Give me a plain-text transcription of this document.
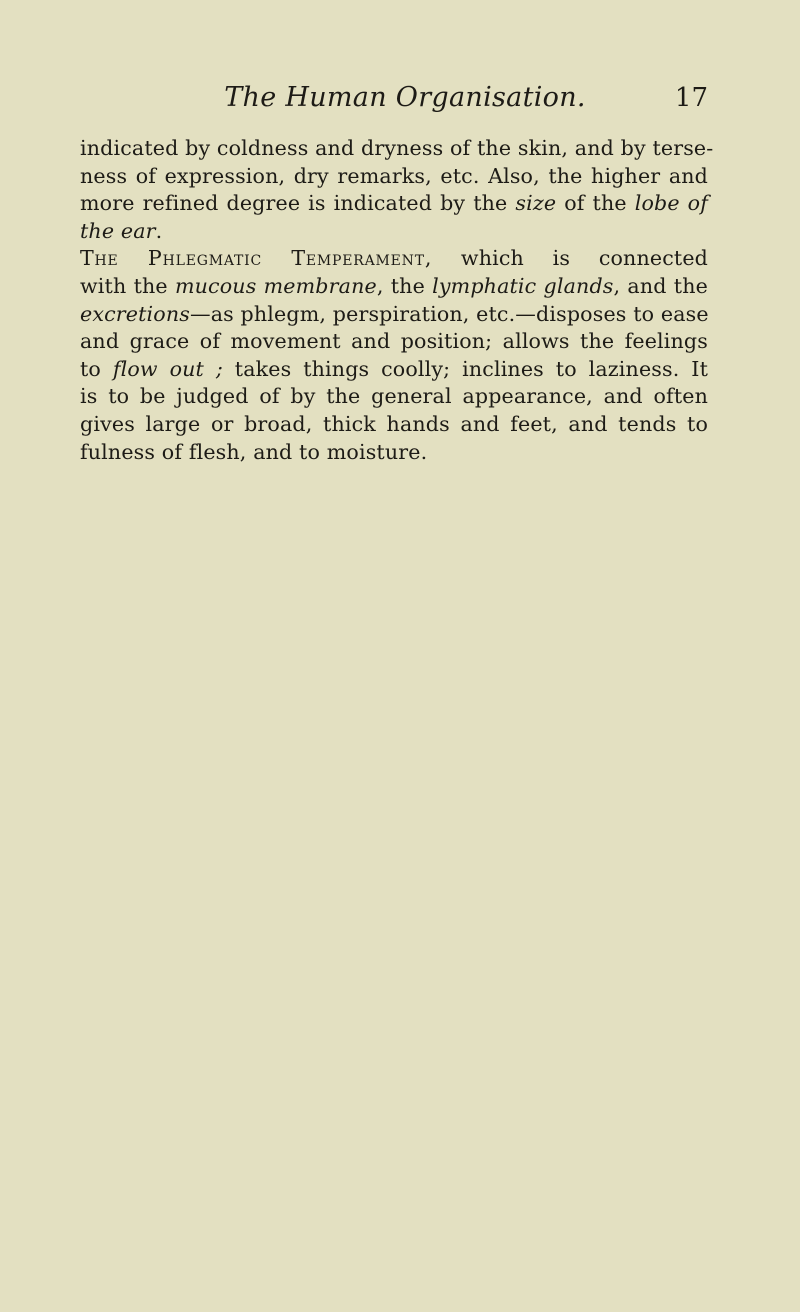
The Human Organisation.	17
indicated by coldness and dryness of the skin, and by terse-
ness of expression, dry remarks, etc. Also, the higher and
more refined degree is indicated by the size of the lobe of
the ear.
The Phlegmatic Temperament, which is connected
with the mucous membrane, the lymphatic glands, and the
excretions—as phlegm, perspiration, etc.—disposes to ease
and grace of movement and position; allows the feelings
to flow out ; takes things coolly; inclines to laziness. It
is to be judged of by the general appearance, and often
gives large or broad, thick hands and feet, and tends to
fulness of flesh, and to moisture.
